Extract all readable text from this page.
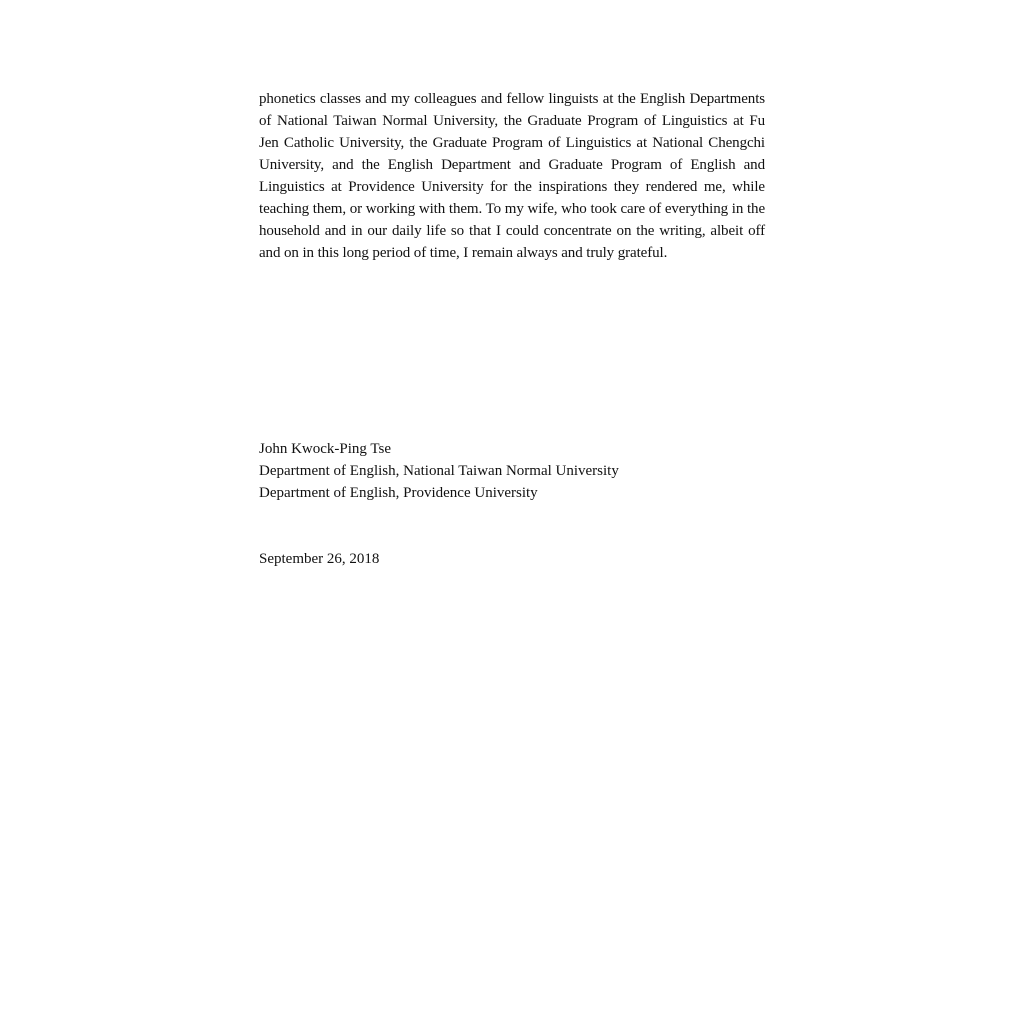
phonetics classes and my colleagues and fellow linguists at the English Departments of National Taiwan Normal University, the Graduate Program of Linguistics at Fu Jen Catholic University, the Graduate Program of Linguistics at National Chengchi University, and the English Department and Graduate Program of English and Linguistics at Providence University for the inspirations they rendered me, while teaching them, or working with them. To my wife, who took care of everything in the household and in our daily life so that I could concentrate on the writing, albeit off and on in this long period of time, I remain always and truly grateful.

John Kwock-Ping Tse
Department of English, National Taiwan Normal University
Department of English, Providence University
September 26, 2018
